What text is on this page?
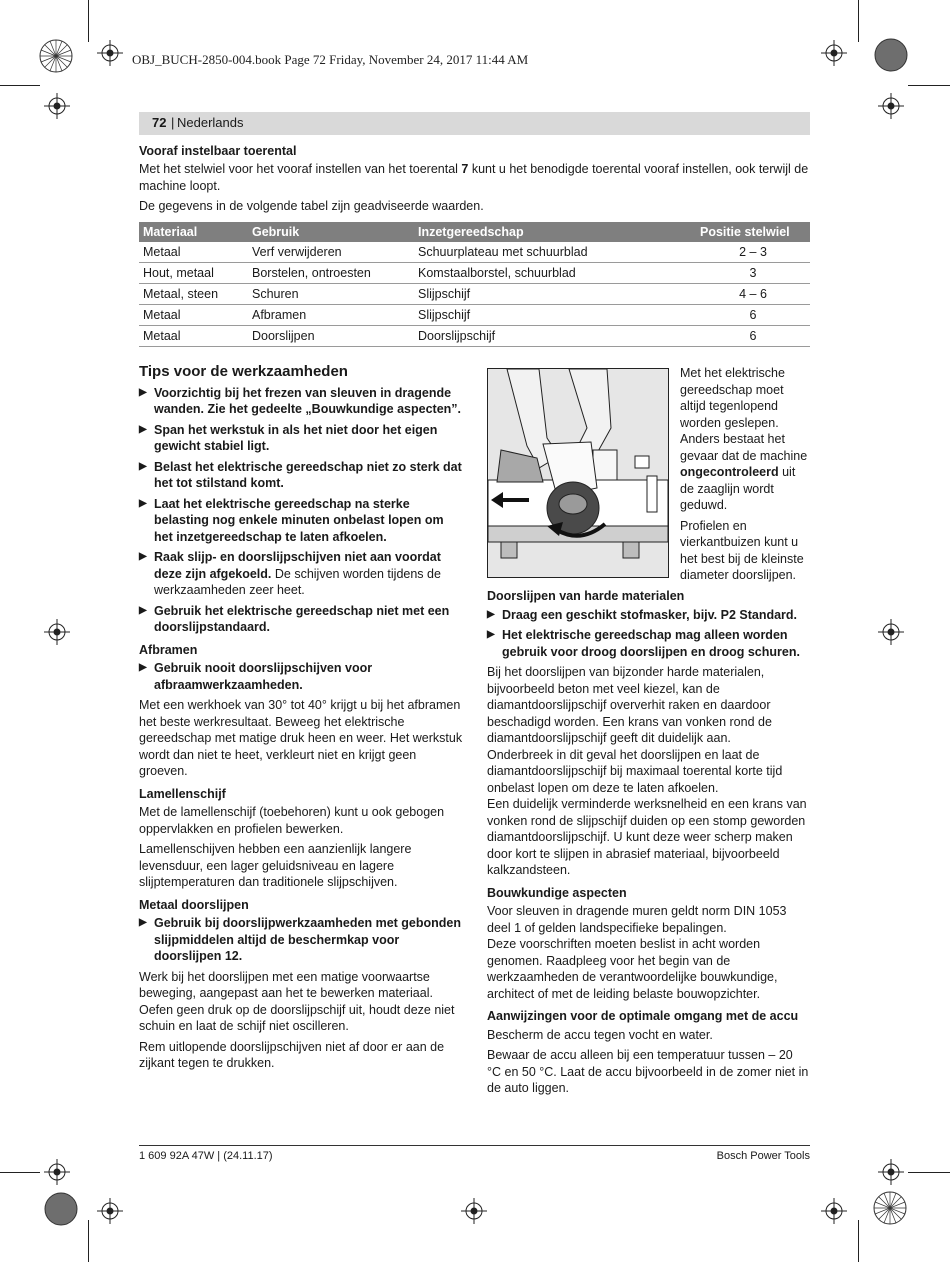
OBJ_BUCH-2850-004.book Page 72 Friday, November 24, 2017 11:44 AM
72 | Nederlands
Vooraf instelbaar toerental
Met het stelwiel voor het vooraf instellen van het toerental 7 kunt u het benodigde toerental vooraf instellen, ook terwijl de machine loopt.
De gegevens in de volgende tabel zijn geadviseerde waarden.
Materiaal	Gebruik	Inzetgereedschap	Positie stelwiel
Metaal	Verf verwijderen	Schuurplateau met schuurblad	2 – 3
Hout, metaal	Borstelen, ontroesten	Komstaalborstel, schuurblad	3
Metaal, steen	Schuren	Slijpschijf	4 – 6
Metaal	Afbramen	Slijpschijf	6
Metaal	Doorslijpen	Doorslijpschijf	6
Tips voor de werkzaamheden
▶ Voorzichtig bij het frezen van sleuven in dragende wanden. Zie het gedeelte „Bouwkundige aspecten”.
▶ Span het werkstuk in als het niet door het eigen gewicht stabiel ligt.
▶ Belast het elektrische gereedschap niet zo sterk dat het tot stilstand komt.
▶ Laat het elektrische gereedschap na sterke belasting nog enkele minuten onbelast lopen om het inzetgereedschap te laten afkoelen.
▶ Raak slijp- en doorslijpschijven niet aan voordat deze zijn afgekoeld. De schijven worden tijdens de werkzaamheden zeer heet.
▶ Gebruik het elektrische gereedschap niet met een doorslijpstandaard.
Afbramen
▶ Gebruik nooit doorslijpschijven voor afbraamwerkzaamheden.
Met een werkhoek van 30° tot 40° krijgt u bij het afbramen het beste werkresultaat. Beweeg het elektrische gereedschap met matige druk heen en weer. Het werkstuk wordt dan niet te heet, verkleurt niet en krijgt geen groeven.
Lamellenschijf
Met de lamellenschijf (toebehoren) kunt u ook gebogen oppervlakken en profielen bewerken.
Lamellenschijven hebben een aanzienlijk langere levensduur, een lager geluidsniveau en lagere slijptemperaturen dan traditionele slijpschijven.
Metaal doorslijpen
▶ Gebruik bij doorslijpwerkzaamheden met gebonden slijpmiddelen altijd de beschermkap voor doorslijpen 12.
Werk bij het doorslijpen met een matige voorwaartse beweging, aangepast aan het te bewerken materiaal. Oefen geen druk op de doorslijpschijf uit, houdt deze niet schuin en laat de schijf niet oscilleren.
Rem uitlopende doorslijpschijven niet af door er aan de zijkant tegen te drukken.
Met het elektrische gereedschap moet altijd tegenlopend worden geslepen. Anders bestaat het gevaar dat de machine ongecontroleerd uit de zaaglijn wordt geduwd.
Profielen en vierkantbuizen kunt u het best bij de kleinste diameter doorslijpen.
Doorslijpen van harde materialen
▶ Draag een geschikt stofmasker, bijv. P2 Standard.
▶ Het elektrische gereedschap mag alleen worden gebruik voor droog doorslijpen en droog schuren.
Bij het doorslijpen van bijzonder harde materialen, bijvoorbeeld beton met veel kiezel, kan de diamantdoorslijpschijf oververhit raken en daardoor beschadigd worden. Een krans van vonken rond de diamantdoorslijpschijf geeft dit duidelijk aan.
Onderbreek in dit geval het doorslijpen en laat de diamantdoorslijpschijf bij maximaal toerental korte tijd onbelast lopen om deze te laten afkoelen.
Een duidelijk verminderde werksnelheid en een krans van vonken rond de slijpschijf duiden op een stomp geworden diamantdoorslijpschijf. U kunt deze weer scherp maken door kort te slijpen in abrasief materiaal, bijvoorbeeld kalkzandsteen.
Bouwkundige aspecten
Voor sleuven in dragende muren geldt norm DIN 1053 deel 1 of gelden landspecifieke bepalingen.
Deze voorschriften moeten beslist in acht worden genomen. Raadpleeg voor het begin van de werkzaamheden de verantwoordelijke bouwkundige, architect of met de leiding belaste bouwopzichter.
Aanwijzingen voor de optimale omgang met de accu
Bescherm de accu tegen vocht en water.
Bewaar de accu alleen bij een temperatuur tussen – 20 °C en 50 °C. Laat de accu bijvoorbeeld in de zomer niet in de auto liggen.
1 609 92A 47W | (24.11.17)	Bosch Power Tools
